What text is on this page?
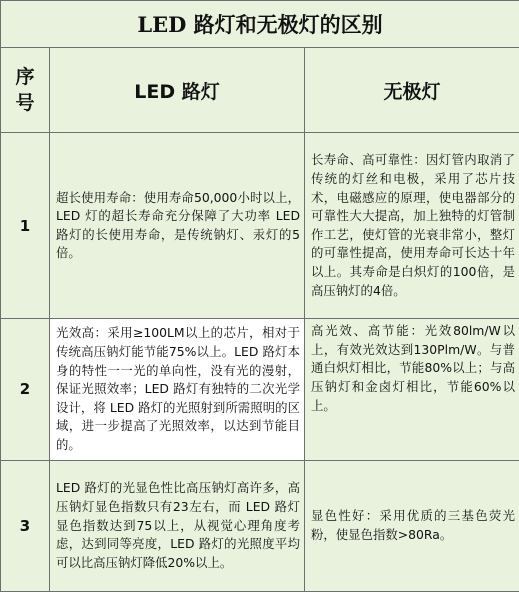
LED 路灯和无极灯的区别		

序
号	LED 路灯	无极灯
1	超长使用寿命：使用寿命50,000小时以上，LED 灯的超长寿命充分保障了大功率 LED 路灯的长使用寿命，是传统钠灯、汞灯的5倍。	长寿命、高可靠性：因灯管内取消了传统的灯丝和电极，采用了芯片技术，电磁感应的原理，使电器部分的可靠性大大提高，加上独特的灯管制作工艺，使灯管的光衰非常小，整灯的可靠性提高，使用寿命可长达十年以上。其寿命是白炽灯的100倍，是高压钠灯的4倍。
2	光效高：采用≥100LM以上的芯片，相对于传统高压钠灯能节能75%以上。LED 路灯本身的特性一一光的单向性，没有光的漫射，保证光照效率；LED 路灯有独特的二次光学设计，将 LED 路灯的光照射到所需照明的区域，进一步提高了光照效率，以达到节能目的。	高光效、高节能：光效80lm/W以上，有效光效达到130Plm/W。与普通白炽灯相比，节能80%以上；与高压钠灯和金卤灯相比，节能60%以上。
3	LED 路灯的光显色性比高压钠灯高许多，高压钠灯显色指数只有23左右，而 LED 路灯显色指数达到75以上，从视觉心理角度考虑，达到同等亮度，LED 路灯的光照度平均可以比高压钠灯降低20%以上。	显色性好：采用优质的三基色荧光粉，使显色指数>80Ra。
